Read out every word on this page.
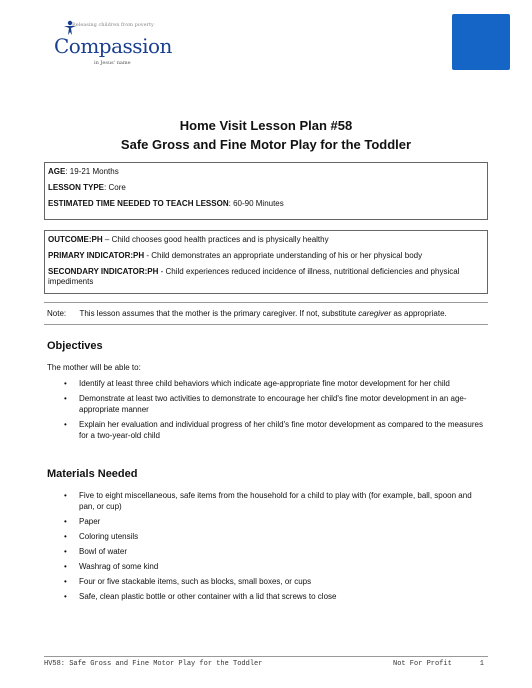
Releasing children from poverty
Compassion
in Jesus' name
Home Visit Lesson Plan #58
Safe Gross and Fine Motor Play for the Toddler
AGE: 19-21 Months
LESSON TYPE: Core
ESTIMATED TIME NEEDED TO TEACH LESSON: 60-90 Minutes
OUTCOME:PH – Child chooses good health practices and is physically healthy
PRIMARY INDICATOR:PH - Child demonstrates an appropriate understanding of his or her physical body
SECONDARY INDICATOR:PH - Child experiences reduced incidence of illness, nutritional deficiencies and physical impediments
Note: This lesson assumes that the mother is the primary caregiver. If not, substitute caregiver as appropriate.
Objectives
The mother will be able to:
• Identify at least three child behaviors which indicate age-appropriate fine motor development for her child
• Demonstrate at least two activities to demonstrate to encourage her child's fine motor development in an age-appropriate manner
• Explain her evaluation and individual progress of her child's fine motor development as compared to the measures for a two-year-old child
Materials Needed
• Five to eight miscellaneous, safe items from the household for a child to play with (for example, ball, spoon and pan, or cup)
• Paper
• Coloring utensils
• Bowl of water
• Washrag of some kind
• Four or five stackable items, such as blocks, small boxes, or cups
• Safe, clean plastic bottle or other container with a lid that screws to close
HV58: Safe Gross and Fine Motor Play for the Toddler	Not For Profit	1
